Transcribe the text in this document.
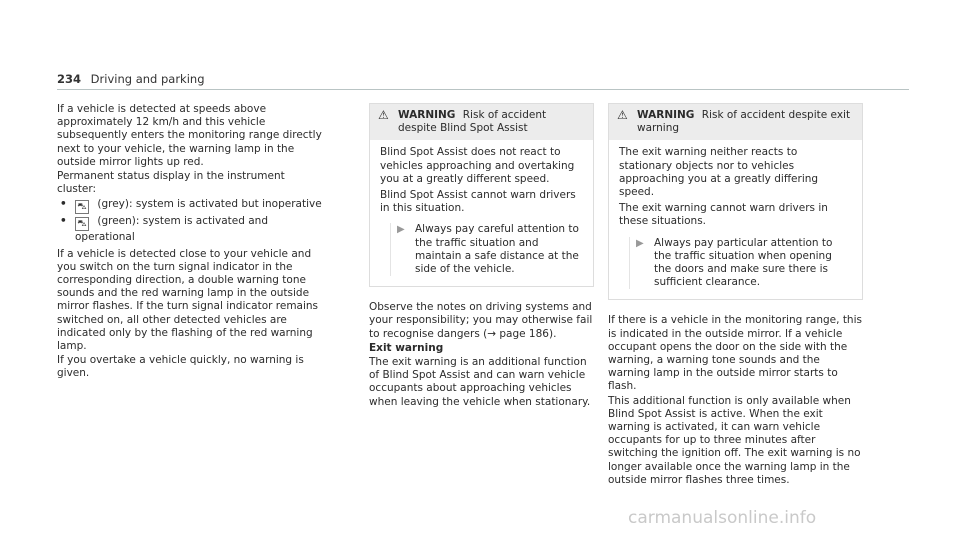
234 Driving and parking

If a vehicle is detected at speeds above approximately 12 km/h and this vehicle subsequently enters the monitoring range directly next to your vehicle, the warning lamp in the outside mirror lights up red.

Permanent status display in the instrument cluster:

• ⛍ (grey): system is activated but inoperative
• ⛍ (green): system is activated and operational

If a vehicle is detected close to your vehicle and you switch on the turn signal indicator in the corresponding direction, a double warning tone sounds and the red warning lamp in the outside mirror flashes. If the turn signal indicator remains switched on, all other detected vehicles are indicated only by the flashing of the red warning lamp.

If you overtake a vehicle quickly, no warning is given.

⚠ WARNING Risk of accident despite Blind Spot Assist

Blind Spot Assist does not react to vehicles approaching and overtaking you at a greatly different speed.

Blind Spot Assist cannot warn drivers in this situation.

▶ Always pay careful attention to the traffic situation and maintain a safe distance at the side of the vehicle.

Observe the notes on driving systems and your responsibility; you may otherwise fail to recognise dangers (→ page 186).

Exit warning

The exit warning is an additional function of Blind Spot Assist and can warn vehicle occupants about approaching vehicles when leaving the vehicle when stationary.

⚠ WARNING Risk of accident despite exit warning

The exit warning neither reacts to stationary objects nor to vehicles approaching you at a greatly differing speed.

The exit warning cannot warn drivers in these situations.

▶ Always pay particular attention to the traffic situation when opening the doors and make sure there is sufficient clearance.

If there is a vehicle in the monitoring range, this is indicated in the outside mirror. If a vehicle occupant opens the door on the side with the warning, a warning tone sounds and the warning lamp in the outside mirror starts to flash.

This additional function is only available when Blind Spot Assist is active. When the exit warning is activated, it can warn vehicle occupants for up to three minutes after switching the ignition off. The exit warning is no longer available once the warning lamp in the outside mirror flashes three times.

carmanualsonline.info
